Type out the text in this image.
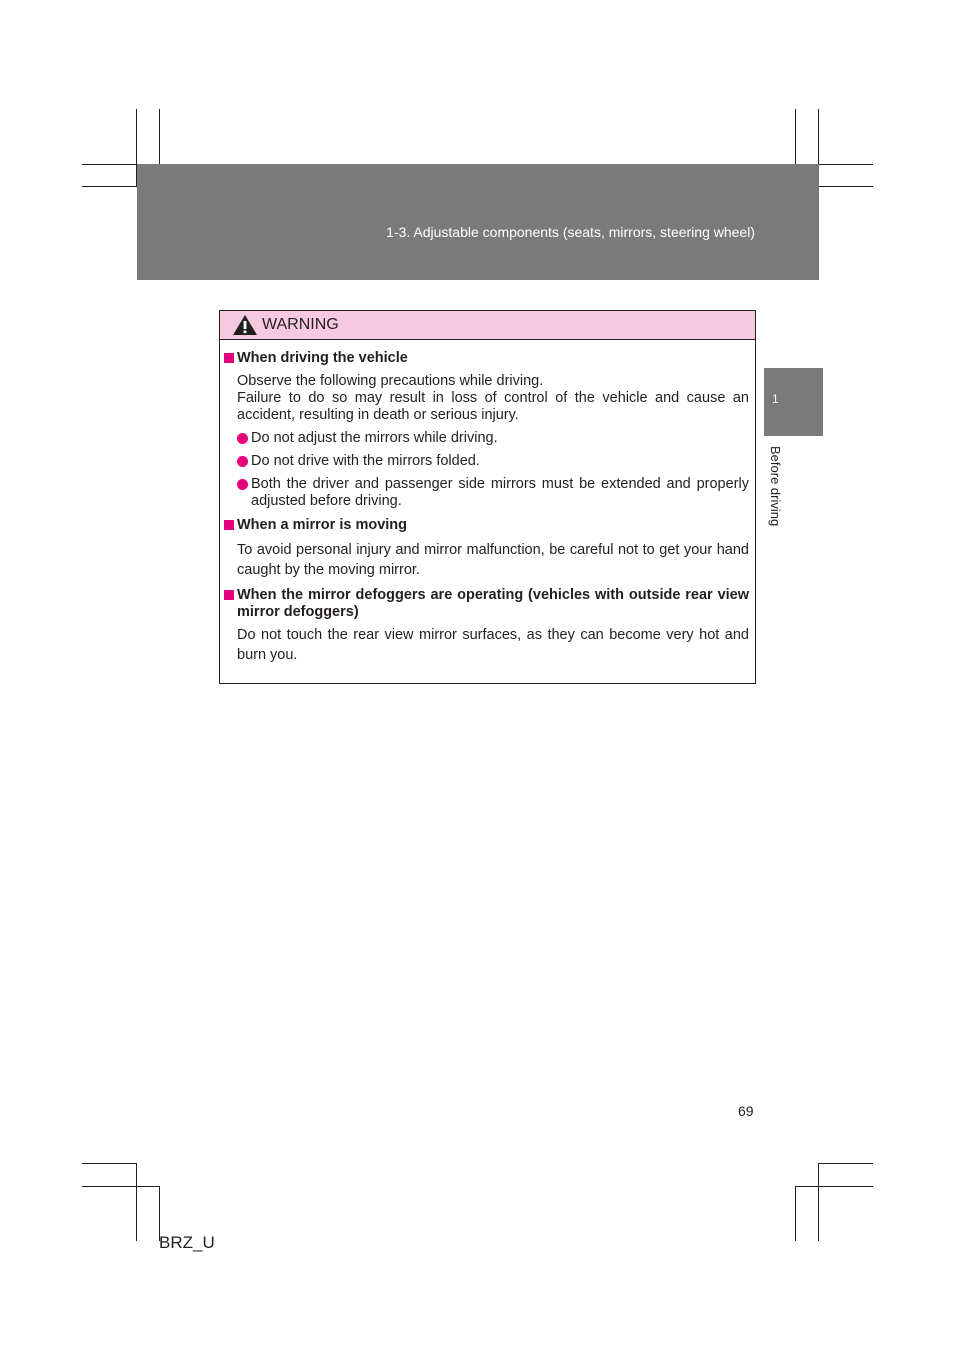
1-3. Adjustable components (seats, mirrors, steering wheel)
1
Before driving
WARNING
When driving the vehicle
Observe the following precautions while driving.
Failure to do so may result in loss of control of the vehicle and cause an accident, resulting in death or serious injury.
Do not adjust the mirrors while driving.
Do not drive with the mirrors folded.
Both the driver and passenger side mirrors must be extended and properly adjusted before driving.
When a mirror is moving
To avoid personal injury and mirror malfunction, be careful not to get your hand caught by the moving mirror.
When the mirror defoggers are operating (vehicles with outside rear view mirror defoggers)
Do not touch the rear view mirror surfaces, as they can become very hot and burn you.
69
BRZ_U
